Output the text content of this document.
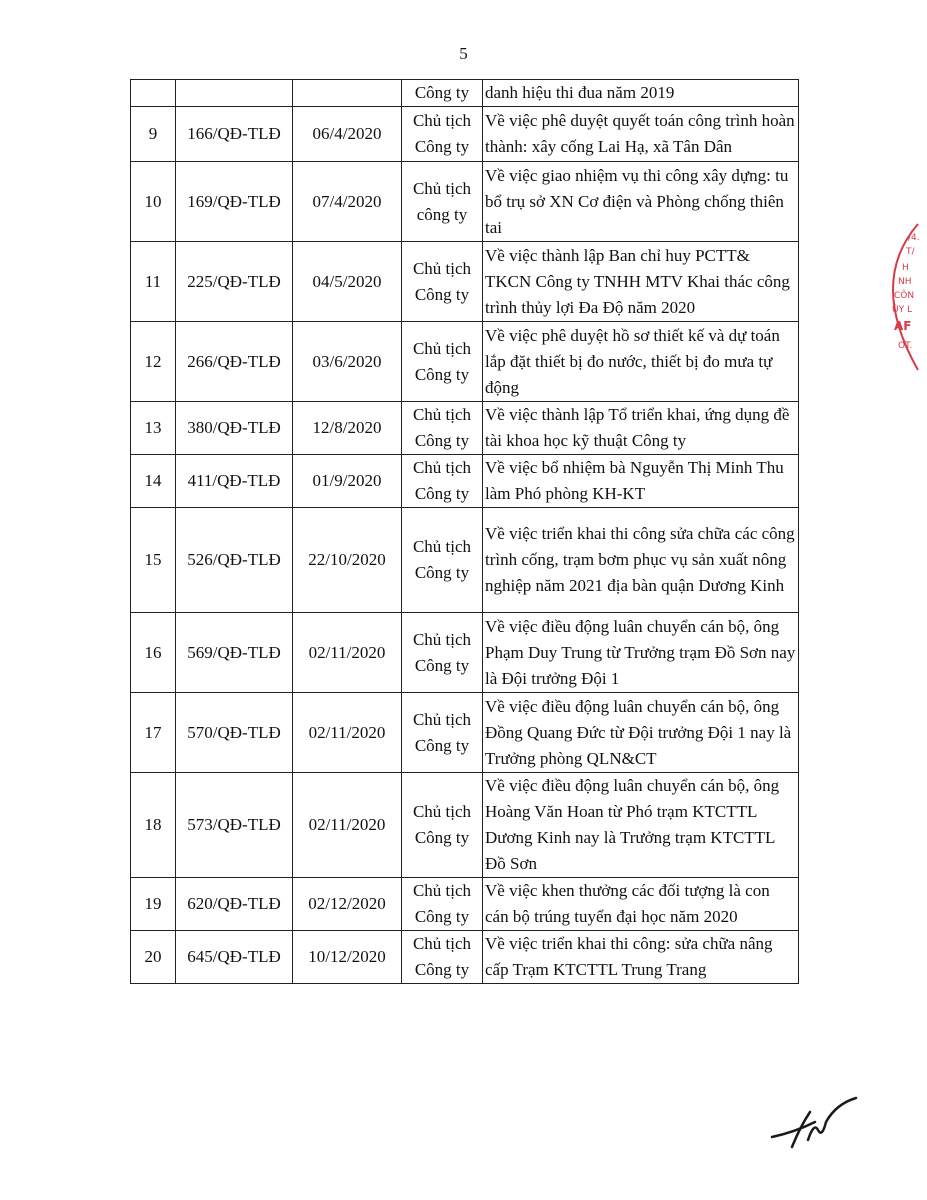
5
			Công ty	danh hiệu thi đua năm 2019
9	166/QĐ-TLĐ	06/4/2020	Chủ tịch Công ty	Về việc phê duyệt quyết toán công trình hoàn thành: xây cống Lai Hạ, xã Tân Dân
10	169/QĐ-TLĐ	07/4/2020	Chủ tịch công ty	Về việc giao nhiệm vụ thi công xây dựng: tu bổ trụ sở XN Cơ điện và Phòng chống thiên tai
11	225/QĐ-TLĐ	04/5/2020	Chủ tịch Công ty	Về việc thành lập Ban chỉ huy PCTT& TKCN Công ty TNHH MTV Khai thác công trình thủy lợi Đa Độ năm 2020
12	266/QĐ-TLĐ	03/6/2020	Chủ tịch Công ty	Về việc phê duyệt hồ sơ thiết kế và dự toán lắp đặt thiết bị đo nước, thiết bị đo mưa tự động
13	380/QĐ-TLĐ	12/8/2020	Chủ tịch Công ty	Về việc thành lập Tổ triển khai, ứng dụng đề tài khoa học kỹ thuật Công ty
14	411/QĐ-TLĐ	01/9/2020	Chủ tịch Công ty	Về việc bổ nhiệm bà Nguyễn Thị Minh Thu làm Phó phòng KH-KT
15	526/QĐ-TLĐ	22/10/2020	Chủ tịch Công ty	Về việc triển khai thi công sửa chữa các công trình cống, trạm bơm phục vụ sản xuất nông nghiệp năm 2021 địa bàn quận Dương Kinh
16	569/QĐ-TLĐ	02/11/2020	Chủ tịch Công ty	Về việc điều động luân chuyển cán bộ, ông Phạm Duy Trung từ Trưởng trạm Đồ Sơn nay là Đội trưởng Đội 1
17	570/QĐ-TLĐ	02/11/2020	Chủ tịch Công ty	Về việc điều động luân chuyển cán bộ, ông Đồng Quang Đức từ Đội trưởng Đội 1 nay là Trưởng phòng QLN&CT
18	573/QĐ-TLĐ	02/11/2020	Chủ tịch Công ty	Về việc điều động luân chuyển cán bộ, ông Hoàng Văn Hoan từ Phó trạm KTCTTL Dương Kinh nay là Trưởng trạm KTCTTL Đồ Sơn
19	620/QĐ-TLĐ	02/12/2020	Chủ tịch Công ty	Về việc khen thưởng các đối tượng là con cán bộ trúng tuyển đại học năm 2020
20	645/QĐ-TLĐ	10/12/2020	Chủ tịch Công ty	Về việc triển khai thi công: sửa chữa nâng cấp Trạm KTCTTL Trung Trang
/4.
T/
H
NH
CÔN
ÙY L
AF
OT.
